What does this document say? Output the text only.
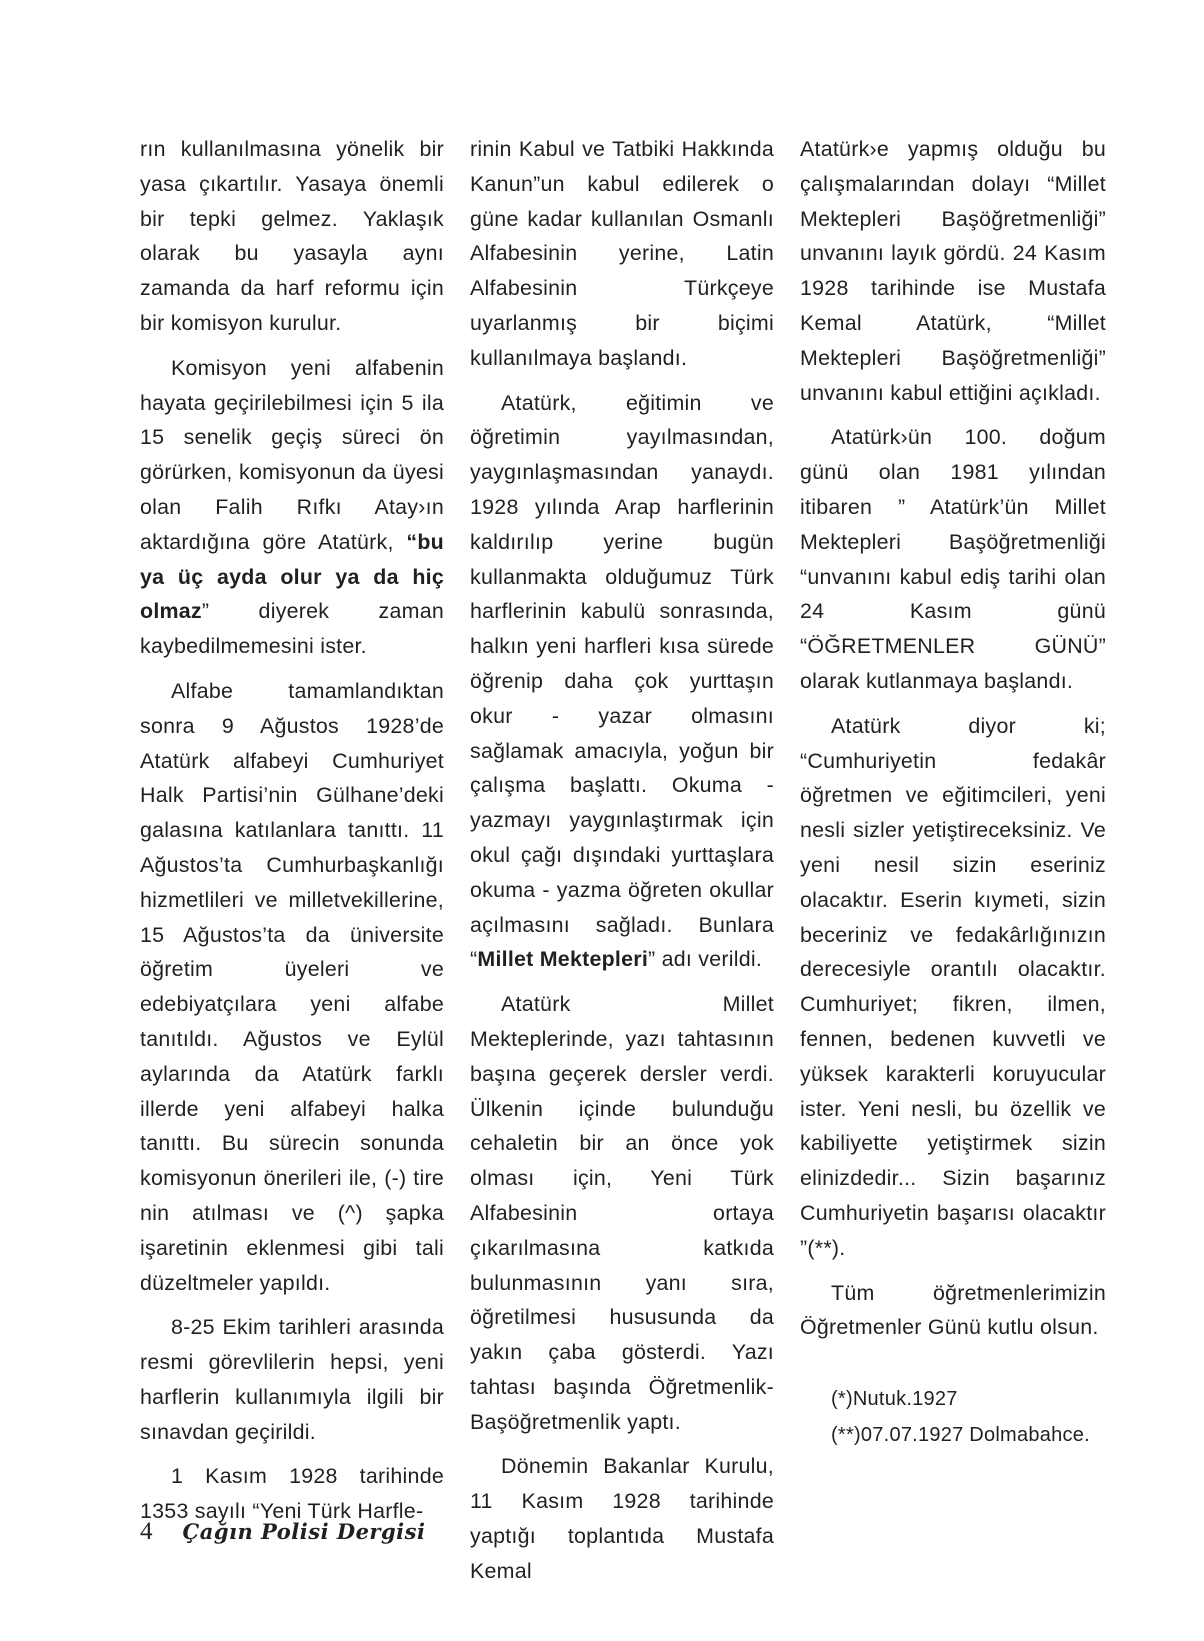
rın kullanılmasına yönelik bir yasa çıkartılır. Yasaya önemli bir tepki gelmez. Yaklaşık olarak bu yasayla aynı zamanda da harf reformu için bir komisyon kurulur.

Komisyon yeni alfabenin hayata geçirilebilmesi için 5 ila 15 senelik geçiş süreci ön görürken, komisyonun da üyesi olan Falih Rıfkı Atay›ın aktardığına göre Atatürk, “bu ya üç ayda olur ya da hiç olmaz” diyerek zaman kaybedilmemesini ister.

Alfabe tamamlandıktan sonra 9 Ağustos 1928’de Atatürk alfabeyi Cumhuriyet Halk Partisi’nin Gülhane’deki galasına katılanlara tanıttı. 11 Ağustos’ta Cumhurbaşkanlığı hizmetlileri ve milletvekillerine, 15 Ağustos’ta da üniversite öğretim üyeleri ve edebiyatçılara yeni alfabe tanıtıldı. Ağustos ve Eylül aylarında da Atatürk farklı illerde yeni alfabeyi halka tanıttı. Bu sürecin sonunda komisyonun önerileri ile, (-) tire nin atılması ve (^) şapka işaretinin eklenmesi gibi tali düzeltmeler yapıldı.

8-25 Ekim tarihleri arasında resmi görevlilerin hepsi, yeni harflerin kullanımıyla ilgili bir sınavdan geçirildi.

1 Kasım 1928 tarihinde 1353 sayılı “Yeni Türk Harfle-

rinin Kabul ve Tatbiki Hakkında Kanun”un kabul edilerek o güne kadar kullanılan Osmanlı Alfabesinin yerine, Latin Alfabesinin Türkçeye uyarlanmış bir biçimi kullanılmaya başlandı.

Atatürk, eğitimin ve öğretimin yayılmasından, yaygınlaşmasından yanaydı. 1928 yılında Arap harflerinin kaldırılıp yerine bugün kullanmakta olduğumuz Türk harflerinin kabulü sonrasında, halkın yeni harfleri kısa sürede öğrenip daha çok yurttaşın okur - yazar olmasını sağlamak amacıyla, yoğun bir çalışma başlattı. Okuma - yazmayı yaygınlaştırmak için okul çağı dışındaki yurttaşlara okuma - yazma öğreten okullar açılmasını sağladı. Bunlara “Millet Mektepleri” adı verildi.

Atatürk Millet Mekteplerinde, yazı tahtasının başına geçerek dersler verdi. Ülkenin içinde bulunduğu cehaletin bir an önce yok olması için, Yeni Türk Alfabesinin ortaya çıkarılmasına katkıda bulunmasının yanı sıra, öğretilmesi hususunda da yakın çaba gösterdi. Yazı tahtası başında Öğretmenlik- Başöğretmenlik yaptı.

Dönemin Bakanlar Kurulu, 11 Kasım 1928 tarihinde yaptığı toplantıda Mustafa Kemal

Atatürk›e yapmış olduğu bu çalışmalarından dolayı “Millet Mektepleri Başöğretmenliği” unvanını layık gördü. 24 Kasım 1928 tarihinde ise Mustafa Kemal Atatürk, “Millet Mektepleri Başöğretmenliği” unvanını kabul ettiğini açıkladı.

Atatürk›ün 100. doğum günü olan 1981 yılından itibaren ” Atatürk’ün Millet Mektepleri Başöğretmenliği “unvanını kabul ediş tarihi olan 24 Kasım günü “ÖĞRETMENLER GÜNÜ” olarak kutlanmaya başlandı.

Atatürk diyor ki; “Cumhuriyetin fedakâr öğretmen ve eğitimcileri, yeni nesli sizler yetiştireceksiniz. Ve yeni nesil sizin eseriniz olacaktır. Eserin kıymeti, sizin beceriniz ve fedakârlığınızın derecesiyle orantılı olacaktır. Cumhuriyet; fikren, ilmen, fennen, bedenen kuvvetli ve yüksek karakterli koruyucular ister. Yeni nesli, bu özellik ve kabiliyette yetiştirmek sizin elinizdedir... Sizin başarınız Cumhuriyetin başarısı olacaktır ”(**).

Tüm öğretmenlerimizin Öğretmenler Günü kutlu olsun.

(*)Nutuk.1927

(**)07.07.1927 Dolmabahce.

4 Çağın Polisi Dergisi
